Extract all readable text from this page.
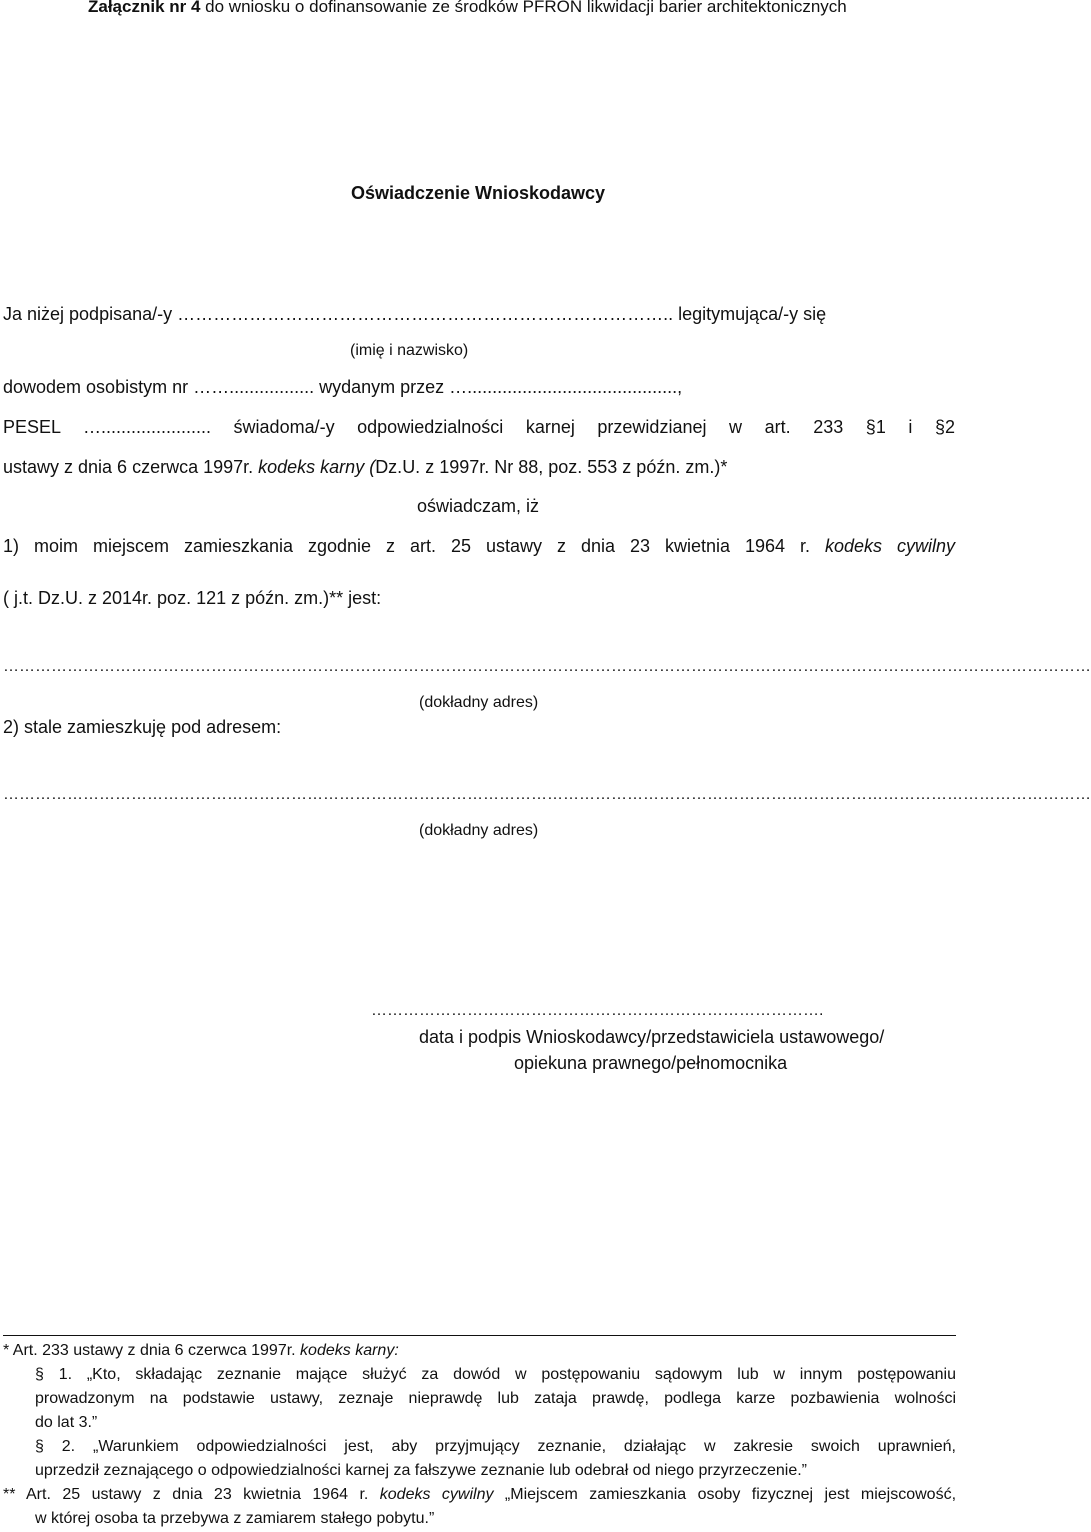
Załącznik nr 4 do wniosku o dofinansowanie ze środków PFRON likwidacji barier architektonicznych
Oświadczenie Wnioskodawcy
Ja niżej podpisana/-y ……………………………………………………………………….. legitymująca/-y się
(imię i nazwisko)
dowodem osobistym nr ……................. wydanym przez …..........................................,
PESEL …...................... świadoma/-y odpowiedzialności karnej przewidzianej w art. 233 §1 i §2
ustawy z dnia 6 czerwca 1997r. kodeks karny (Dz.U. z 1997r. Nr 88, poz. 553 z późn. zm.)*
oświadczam, iż
1) moim miejscem zamieszkania zgodnie z art. 25 ustawy z dnia 23 kwietnia 1964 r. kodeks cywilny
( j.t. Dz.U. z 2014r. poz. 121 z późn. zm.)** jest:
……………………………………………………………………………………………………………………………………………………………………………………
(dokładny adres)
2) stale zamieszkuję pod adresem:
……………………………………………………………………………………………………………………………………………………………………………………
(dokładny adres)
………………………………………………………………………….
data i podpis Wnioskodawcy/przedstawiciela ustawowego/
opiekuna prawnego/pełnomocnika
* Art. 233 ustawy z dnia 6 czerwca 1997r. kodeks karny:
§ 1. „Kto, składając zeznanie mające służyć za dowód w postępowaniu sądowym lub w innym postępowaniu
prowadzonym na podstawie ustawy, zeznaje nieprawdę lub zataja prawdę, podlega karze pozbawienia wolności
do lat 3.”
§ 2. „Warunkiem odpowiedzialności jest, aby przyjmujący zeznanie, działając w zakresie swoich uprawnień,
uprzedził zeznającego o odpowiedzialności karnej za fałszywe zeznanie lub odebrał od niego przyrzeczenie.”
** Art. 25 ustawy z dnia 23 kwietnia 1964 r. kodeks cywilny „Miejscem zamieszkania osoby fizycznej jest miejscowość,
w której osoba ta przebywa z zamiarem stałego pobytu.”
